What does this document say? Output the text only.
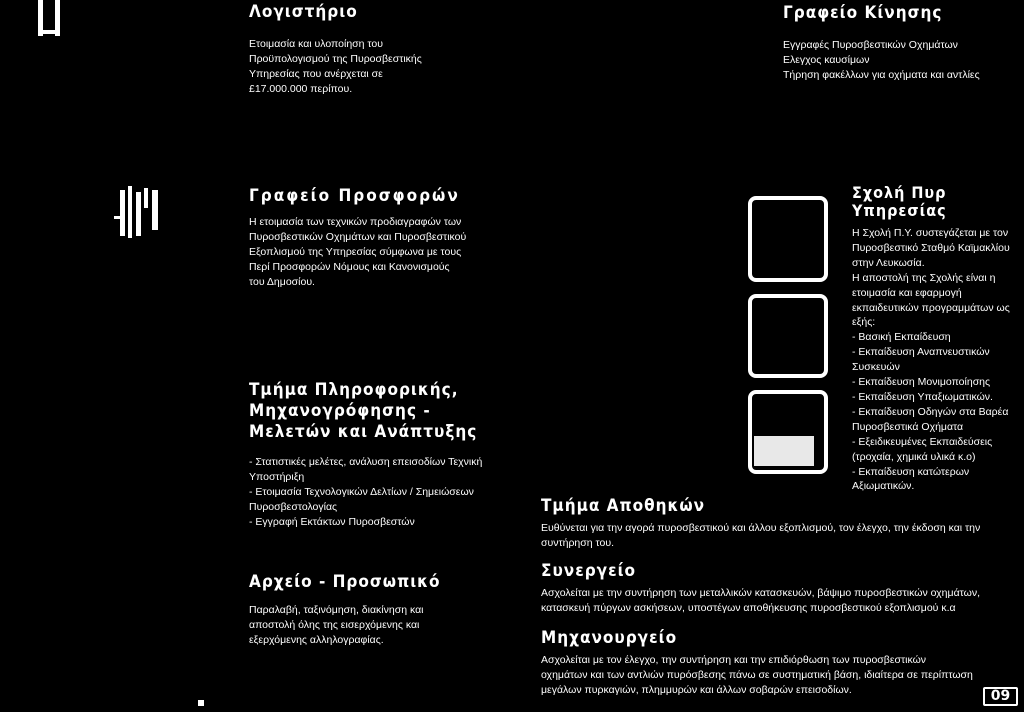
Λογιστήριο

Ετοιμασία και υλοποίηση του
Προϋπολογισμού της Πυροσβεστικής
Υπηρεσίας που ανέρχεται σε
£17.000.000 περίπου.

Γραφείο Κίνησης

Εγγραφές Πυροσβεστικών Οχημάτων
Ελεγχος καυσίμων
Τήρηση φακέλλων για οχήματα και αντλίες

Γραφείο Προσφορών

Η ετοιμασία των τεχνικών προδιαγραφών των
Πυροσβεστικών Οχημάτων και Πυροσβεστικού
Εξοπλισμού της Υπηρεσίας σύμφωνα με τους
Περί Προσφορών Νόμους και Κανονισμούς
του Δημοσίου.

Τμήμα Πληροφορικής,
Μηχανογρόφησης -
Μελετών και Ανάπτυξης

- Στατιστικές μελέτες, ανάλυση επεισοδίων Τεχνική
Υποστήριξη
- Ετοιμασία Τεχνολογικών Δελτίων / Σημειώσεων
Πυροσβεστολογίας
- Εγγραφή Εκτάκτων Πυροσβεστών

Αρχείο - Προσωπικό

Παραλαβή, ταξινόμηση, διακίνηση και
αποστολή όλης της εισερχόμενης και
εξερχόμενης αλληλογραφίας.

Σχολή Πυρ
Υπηρεσίας

Η Σχολή Π.Υ. συστεγάζεται με τον
Πυροσβεστικό Σταθμό Καϊμακλίου
στην Λευκωσία.
Η αποστολή της Σχολής είναι η
ετοιμασία και εφαρμογή
εκπαιδευτικών προγραμμάτων ως
εξής:
- Βασική Εκπαίδευση
- Εκπαίδευση Αναπνευστικών
Συσκευών
- Εκπαίδευση Μονιμοποίησης
- Εκπαίδευση Υπαξιωματικών.
- Εκπαίδευση Οδηγών στα Βαρέα
Πυροσβεστικά Οχήματα
- Εξειδικευμένες Εκπαιδεύσεις
(τροχαία, χημικά υλικά κ.ο)
- Εκπαίδευση κατώτερων
Αξιωματικών.

Τμήμα Αποθηκών

Ευθύνεται για την αγορά πυροσβεστικού και άλλου εξοπλισμού, τον έλεγχο, την έκδοση και την
συντήρηση του.

Συνεργείο

Ασχολείται με την συντήρηση των μεταλλικών κατασκευών, βάψιμο πυροσβεστικών οχημάτων,
κατασκευή πύργων ασκήσεων, υποστέγων αποθήκευσης πυροσβεστικού εξοπλισμού κ.α

Μηχανουργείο

Ασχολείται με τον έλεγχο, την συντήρηση και την επιδιόρθωση των πυροσβεστικών
οχημάτων και των αντλιών πυρόσβεσης πάνω σε συστηματική βάση, ιδιαίτερα σε περίπτωση
μεγάλων πυρκαγιών, πλημμυρών και άλλων σοβαρών επεισοδίων.	09
